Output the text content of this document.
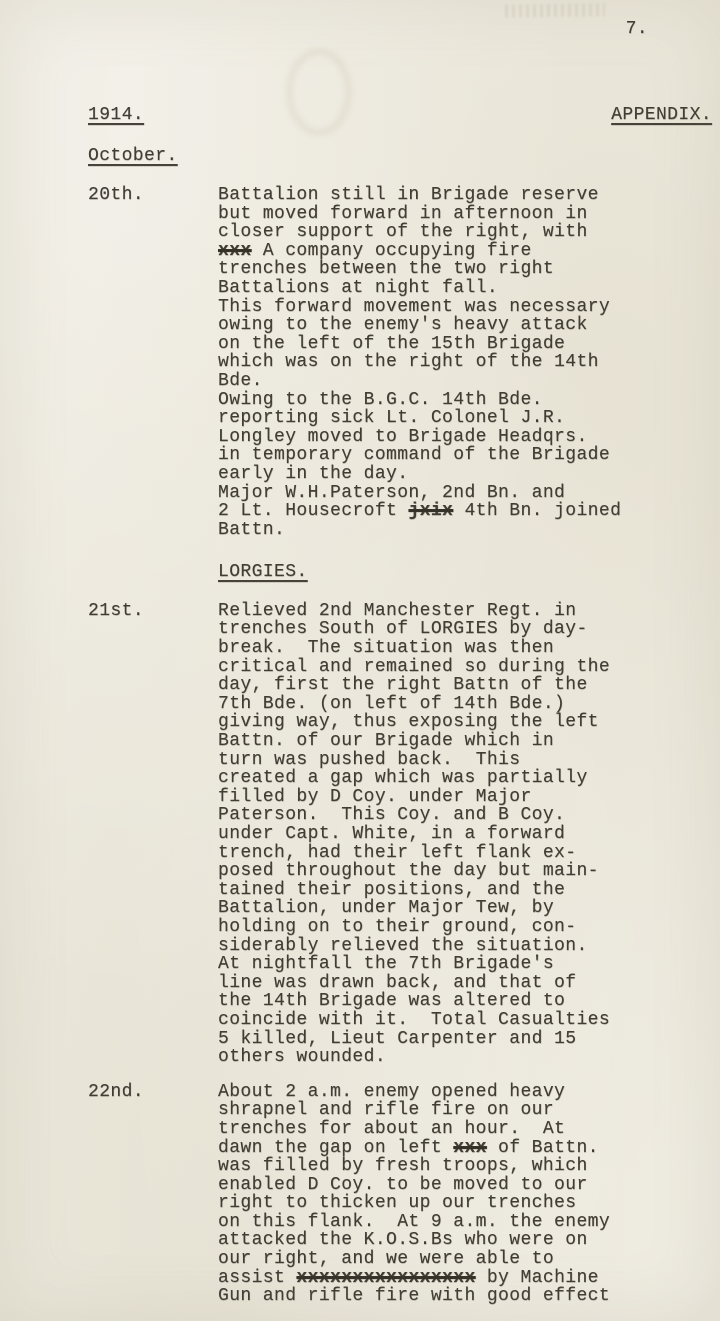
7.
1914.	APPENDIX.
October.
20th.	Battalion still in Brigade reserve
but moved forward in afternoon in
closer support of the right, with
xxx A company occupying fire
trenches between the two right
Battalions at night fall.
This forward movement was necessary
owing to the enemy's heavy attack
on the left of the 15th Brigade
which was on the right of the 14th
Bde.
Owing to the B.G.C. 14th Bde.
reporting sick Lt. Colonel J.R.
Longley moved to Brigade Headqrs.
in temporary command of the Brigade
early in the day.
Major W.H.Paterson, 2nd Bn. and
2 Lt. Housecroft jxix 4th Bn. joined
Battn.
LORGIES.
21st.	Relieved 2nd Manchester Regt. in
trenches South of LORGIES by day-
break.  The situation was then
critical and remained so during the
day, first the right Battn of the
7th Bde. (on left of 14th Bde.)
giving way, thus exposing the left
Battn. of our Brigade which in
turn was pushed back.  This
created a gap which was partially
filled by D Coy. under Major
Paterson.  This Coy. and B Coy.
under Capt. White, in a forward
trench, had their left flank ex-
posed throughout the day but main-
tained their positions, and the
Battalion, under Major Tew, by
holding on to their ground, con-
siderably relieved the situation.
At nightfall the 7th Brigade's
line was drawn back, and that of
the 14th Brigade was altered to
coincide with it.  Total Casualties
5 killed, Lieut Carpenter and 15
others wounded.
22nd.	About 2 a.m. enemy opened heavy
shrapnel and rifle fire on our
trenches for about an hour.  At
dawn the gap on left xxx of Battn.
was filled by fresh troops, which
enabled D Coy. to be moved to our
right to thicken up our trenches
on this flank.  At 9 a.m. the enemy
attacked the K.O.S.Bs who were on
our right, and we were able to
assist xxxxxxxxxxxxxxxx by Machine
Gun and rifle fire with good effect
